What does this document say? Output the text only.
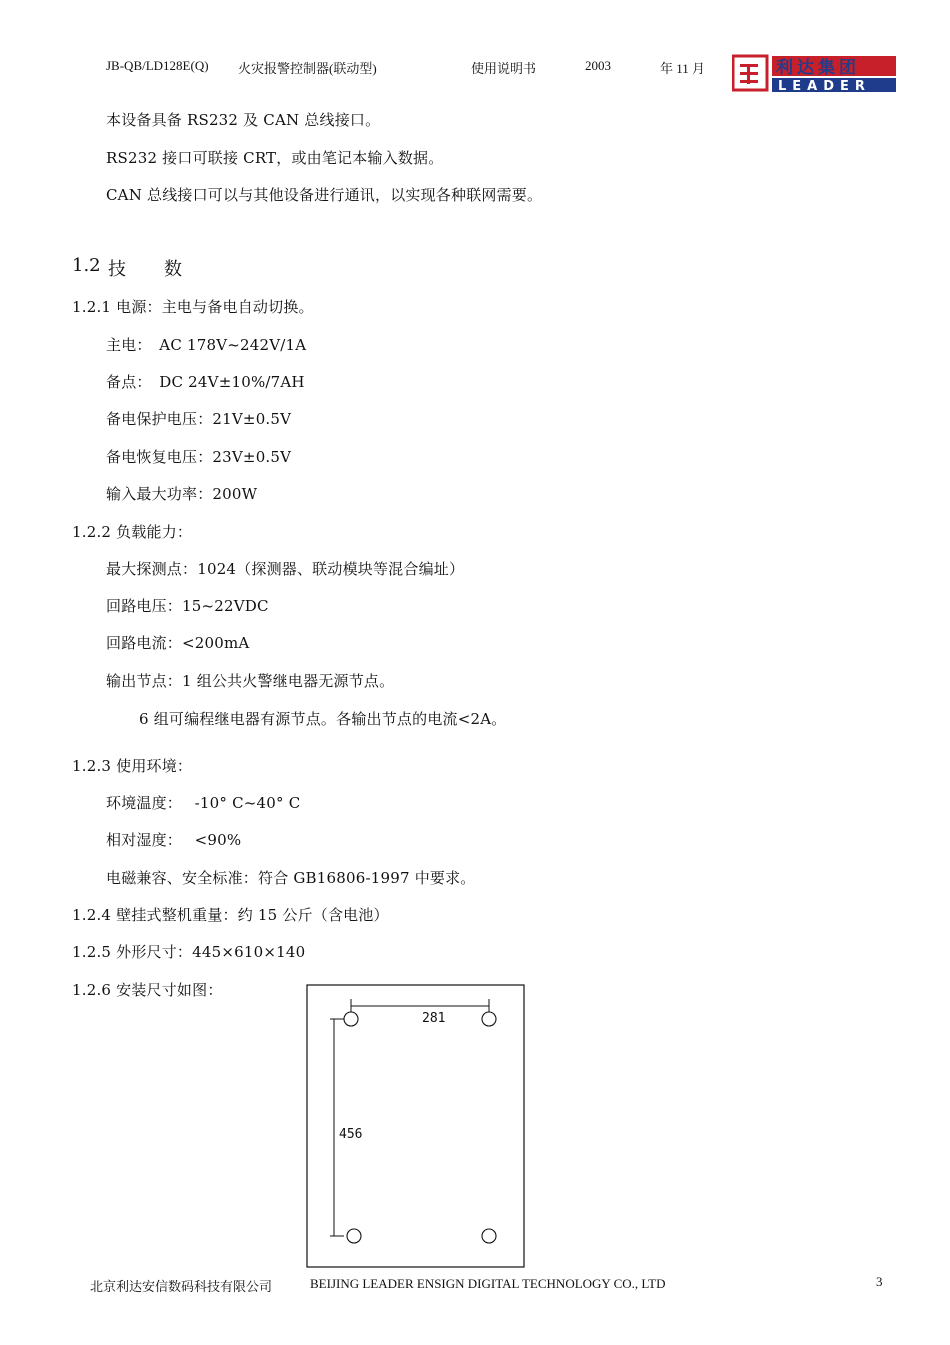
JB-QB/LD128E(Q) 火灾报警控制器(联动型)	使用说明书	2003	年 11 月	利达集团
LEADER
本设备具备 RS232 及 CAN 总线接口。
RS232 接口可联接 CRT，或由笔记本输入数据。
CAN 总线接口可以与其他设备进行通讯，以实现各种联网需要。
1.2 技 数
1.2.1 电源：主电与备电自动切换。
主电：　AC 178V~242V/1A
备点：　DC 24V±10%/7AH
备电保护电压：21V±0.5V
备电恢复电压：23V±0.5V
输入最大功率：200W
1.2.2 负载能力：
最大探测点：1024（探测器、联动模块等混合编址）
回路电压：15~22VDC
回路电流：<200mA
输出节点：1 组公共火警继电器无源节点。
6 组可编程继电器有源节点。各输出节点的电流<2A。
1.2.3 使用环境：
环境温度：　 -10° C~40° C
相对湿度：　 <90%
电磁兼容、安全标准：符合 GB16806-1997 中要求。
1.2.4 壁挂式整机重量：约 15 公斤（含电池）
1.2.5 外形尺寸：445×610×140
1.2.6 安装尺寸如图：
281
456
北京利达安信数码科技有限公司	BEIJING LEADER ENSIGN DIGITAL TECHNOLOGY CO., LTD	3
